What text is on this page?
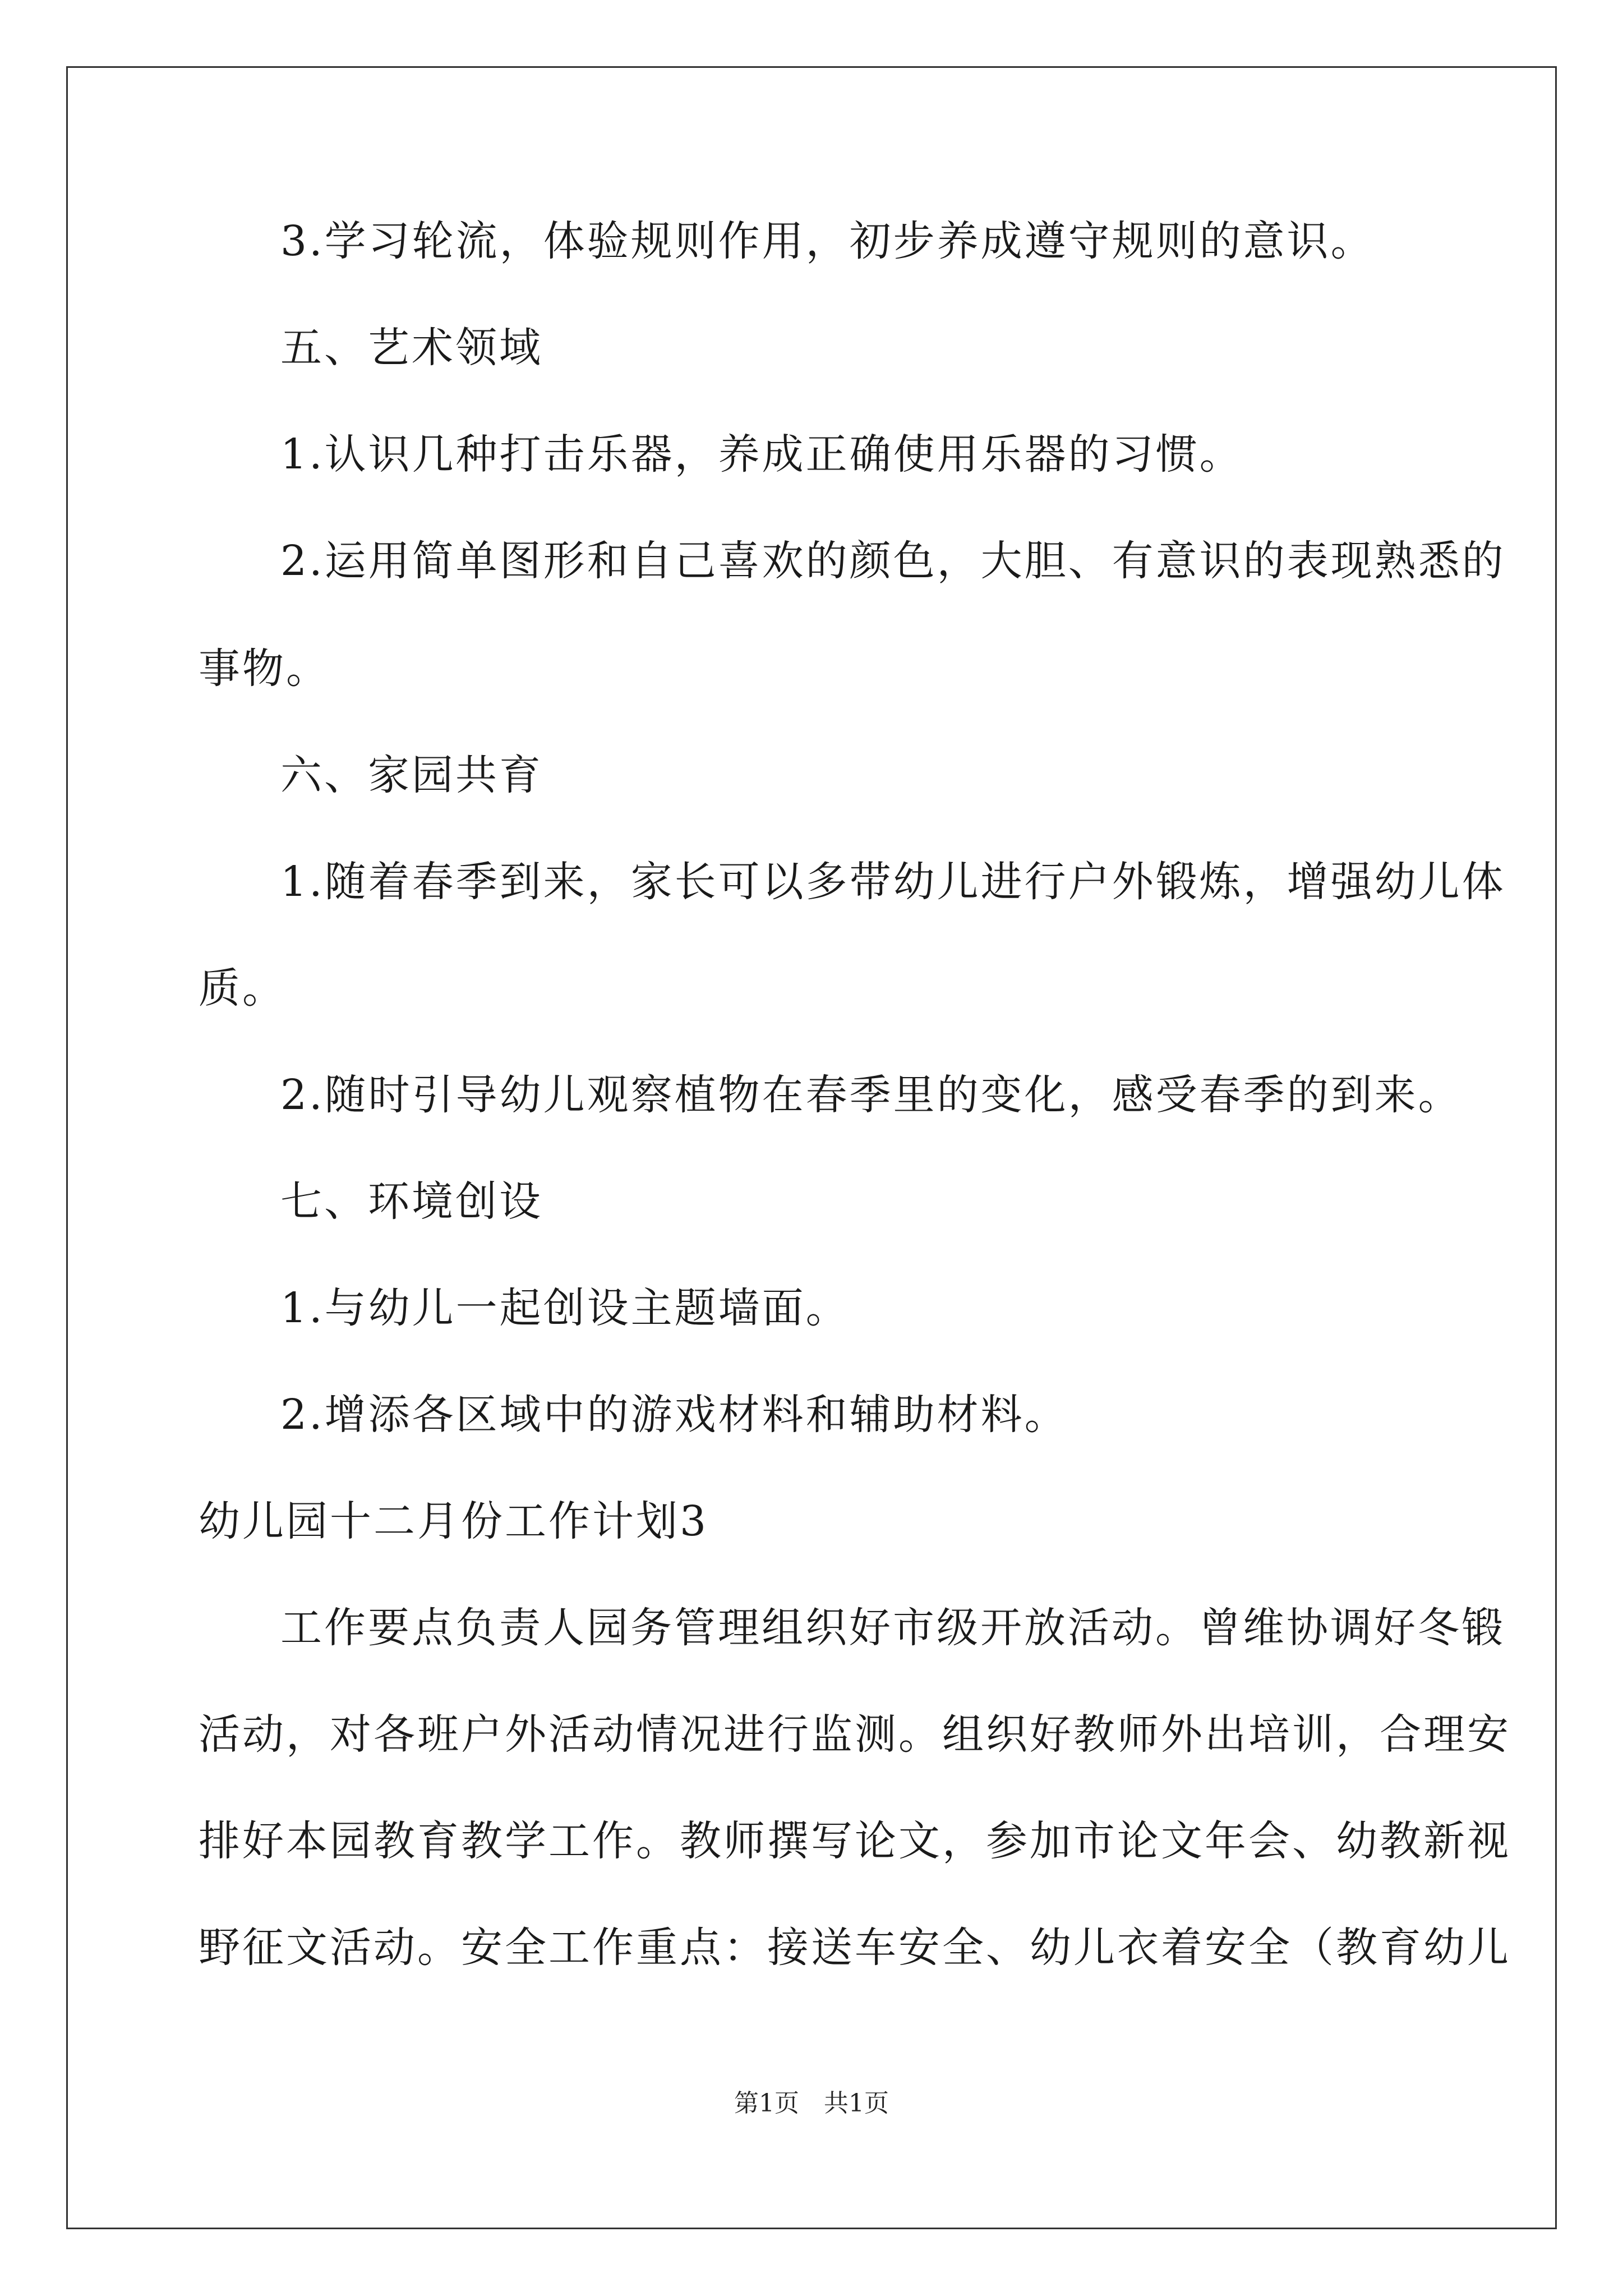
3.学习轮流，体验规则作用，初步养成遵守规则的意识。
五、艺术领域
1.认识几种打击乐器，养成正确使用乐器的习惯。
2.运用简单图形和自己喜欢的颜色，大胆、有意识的表现熟悉的
事物。
六、家园共育
1.随着春季到来，家长可以多带幼儿进行户外锻炼，增强幼儿体
质。
2.随时引导幼儿观察植物在春季里的变化，感受春季的到来。
七、环境创设
1.与幼儿一起创设主题墙面。
2.增添各区域中的游戏材料和辅助材料。
幼儿园十二月份工作计划3
工作要点负责人园务管理组织好市级开放活动。曾维协调好冬锻
活动，对各班户外活动情况进行监测。组织好教师外出培训，合理安
排好本园教育教学工作。教师撰写论文，参加市论文年会、幼教新视
野征文活动。安全工作重点：接送车安全、幼儿衣着安全（教育幼儿
第1页　共1页
